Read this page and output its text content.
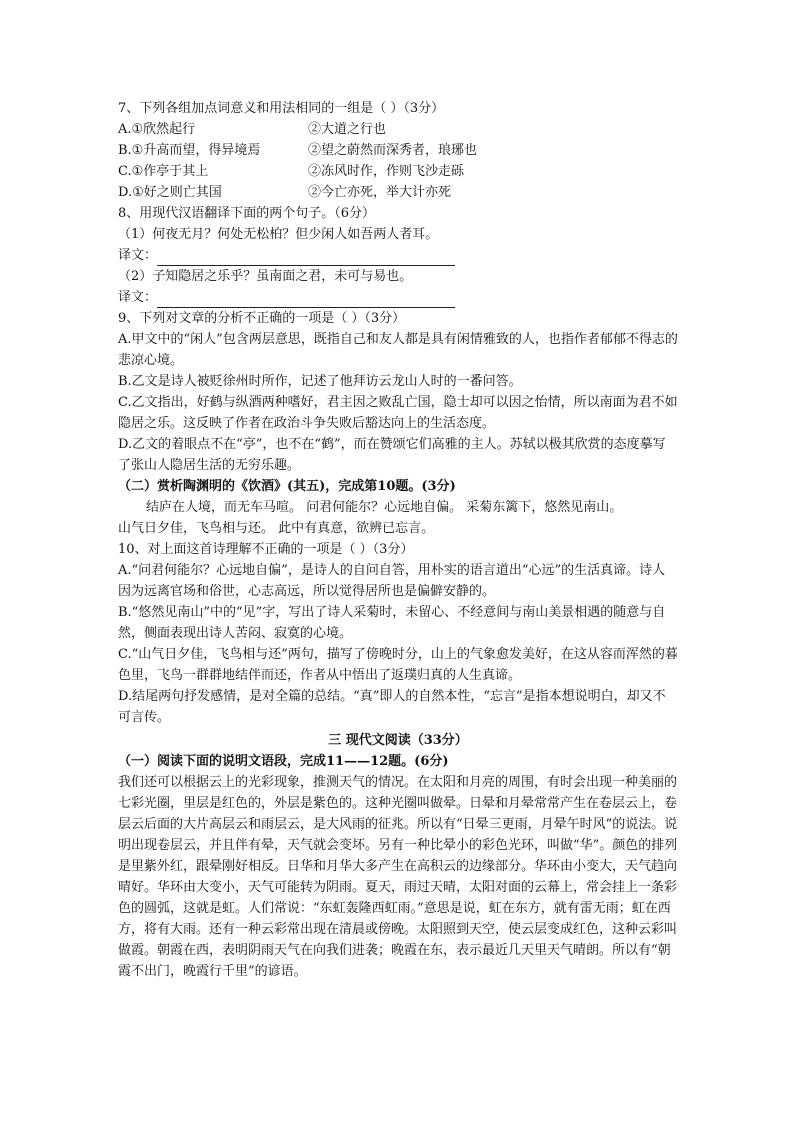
7、下列各组加点词意义和用法相同的一组是（ ）（3分）
A.①欣然起行	②大道之行也
B.①升高而望，得异境焉	②望之蔚然而深秀者，琅琊也
C.①作亭于其上	②冻风时作，作则飞沙走砾
D.①好之则亡其国	②今亡亦死，举大计亦死
8、用现代汉语翻译下面的两个句子。（6分）
（1）何夜无月？何处无松柏？但少闲人如吾两人者耳。
译文：
（2）子知隐居之乐乎？虽南面之君，未可与易也。
译文：
9、下列对文章的分析不正确的一项是（ ）（3分）
A.甲文中的“闲人”包含两层意思，既指自己和友人都是具有闲情雅致的人，也指作者郁郁不得志的悲凉心境。
B.乙文是诗人被贬徐州时所作，记述了他拜访云龙山人时的一番问答。
C.乙文指出，好鹤与纵酒两种嗜好，君主因之败乱亡国，隐士却可以因之怡情，所以南面为君不如隐居之乐。这反映了作者在政治斗争失败后豁达向上的生活态度。
D.乙文的着眼点不在“亭”，也不在“鹤”，而在赞颂它们高雅的主人。苏轼以极其欣赏的态度摹写了张山人隐居生活的无穷乐趣。
（二）赏析陶渊明的《饮酒》(其五)，完成第10题。(3分)
结庐在人境，而无车马喧。 问君何能尔？心远地自偏。 采菊东篱下，悠然见南山。
山气日夕佳，飞鸟相与还。 此中有真意，欲辨已忘言。
10、对上面这首诗理解不正确的一项是（ ）（3分）
A.“问君何能尔？心远地自偏”，是诗人的自问自答，用朴实的语言道出“心远”的生活真谛。诗人因为远离官场和俗世，心志高远，所以觉得居所也是偏僻安静的。
B.“悠然见南山”中的“见”字，写出了诗人采菊时，未留心、不经意间与南山美景相遇的随意与自然，侧面表现出诗人苦闷、寂寞的心境。
C.“山气日夕佳，飞鸟相与还”两句，描写了傍晚时分，山上的气象愈发美好，在这从容而浑然的暮色里，飞鸟一群群地结伴而还，作者从中悟出了返璞归真的人生真谛。
D.结尾两句抒发感情，是对全篇的总结。“真”即人的自然本性，“忘言”是指本想说明白，却又不可言传。
三 现代文阅读（33分）
（一）阅读下面的说明文语段，完成11——12题。(6分)
我们还可以根据云上的光彩现象，推测天气的情况。在太阳和月亮的周围，有时会出现一种美丽的七彩光圈，里层是红色的，外层是紫色的。这种光圈叫做晕。日晕和月晕常常产生在卷层云上，卷层云后面的大片高层云和雨层云，是大风雨的征兆。所以有“日晕三更雨，月晕午时风”的说法。说明出现卷层云，并且伴有晕，天气就会变坏。另有一种比晕小的彩色光环，叫做“华”。颜色的排列是里紫外红，跟晕刚好相反。日华和月华大多产生在高积云的边缘部分。华环由小变大，天气趋向晴好。华环由大变小，天气可能转为阴雨。夏天，雨过天晴，太阳对面的云幕上，常会挂上一条彩色的圆弧，这就是虹。人们常说：“东虹轰隆西虹雨。”意思是说，虹在东方，就有雷无雨；虹在西方，将有大雨。还有一种云彩常出现在清晨或傍晚。太阳照到天空，使云层变成红色，这种云彩叫做霞。朝霞在西，表明阴雨天气在向我们进袭；晚霞在东，表示最近几天里天气晴朗。所以有“朝霞不出门，晚霞行千里”的谚语。
